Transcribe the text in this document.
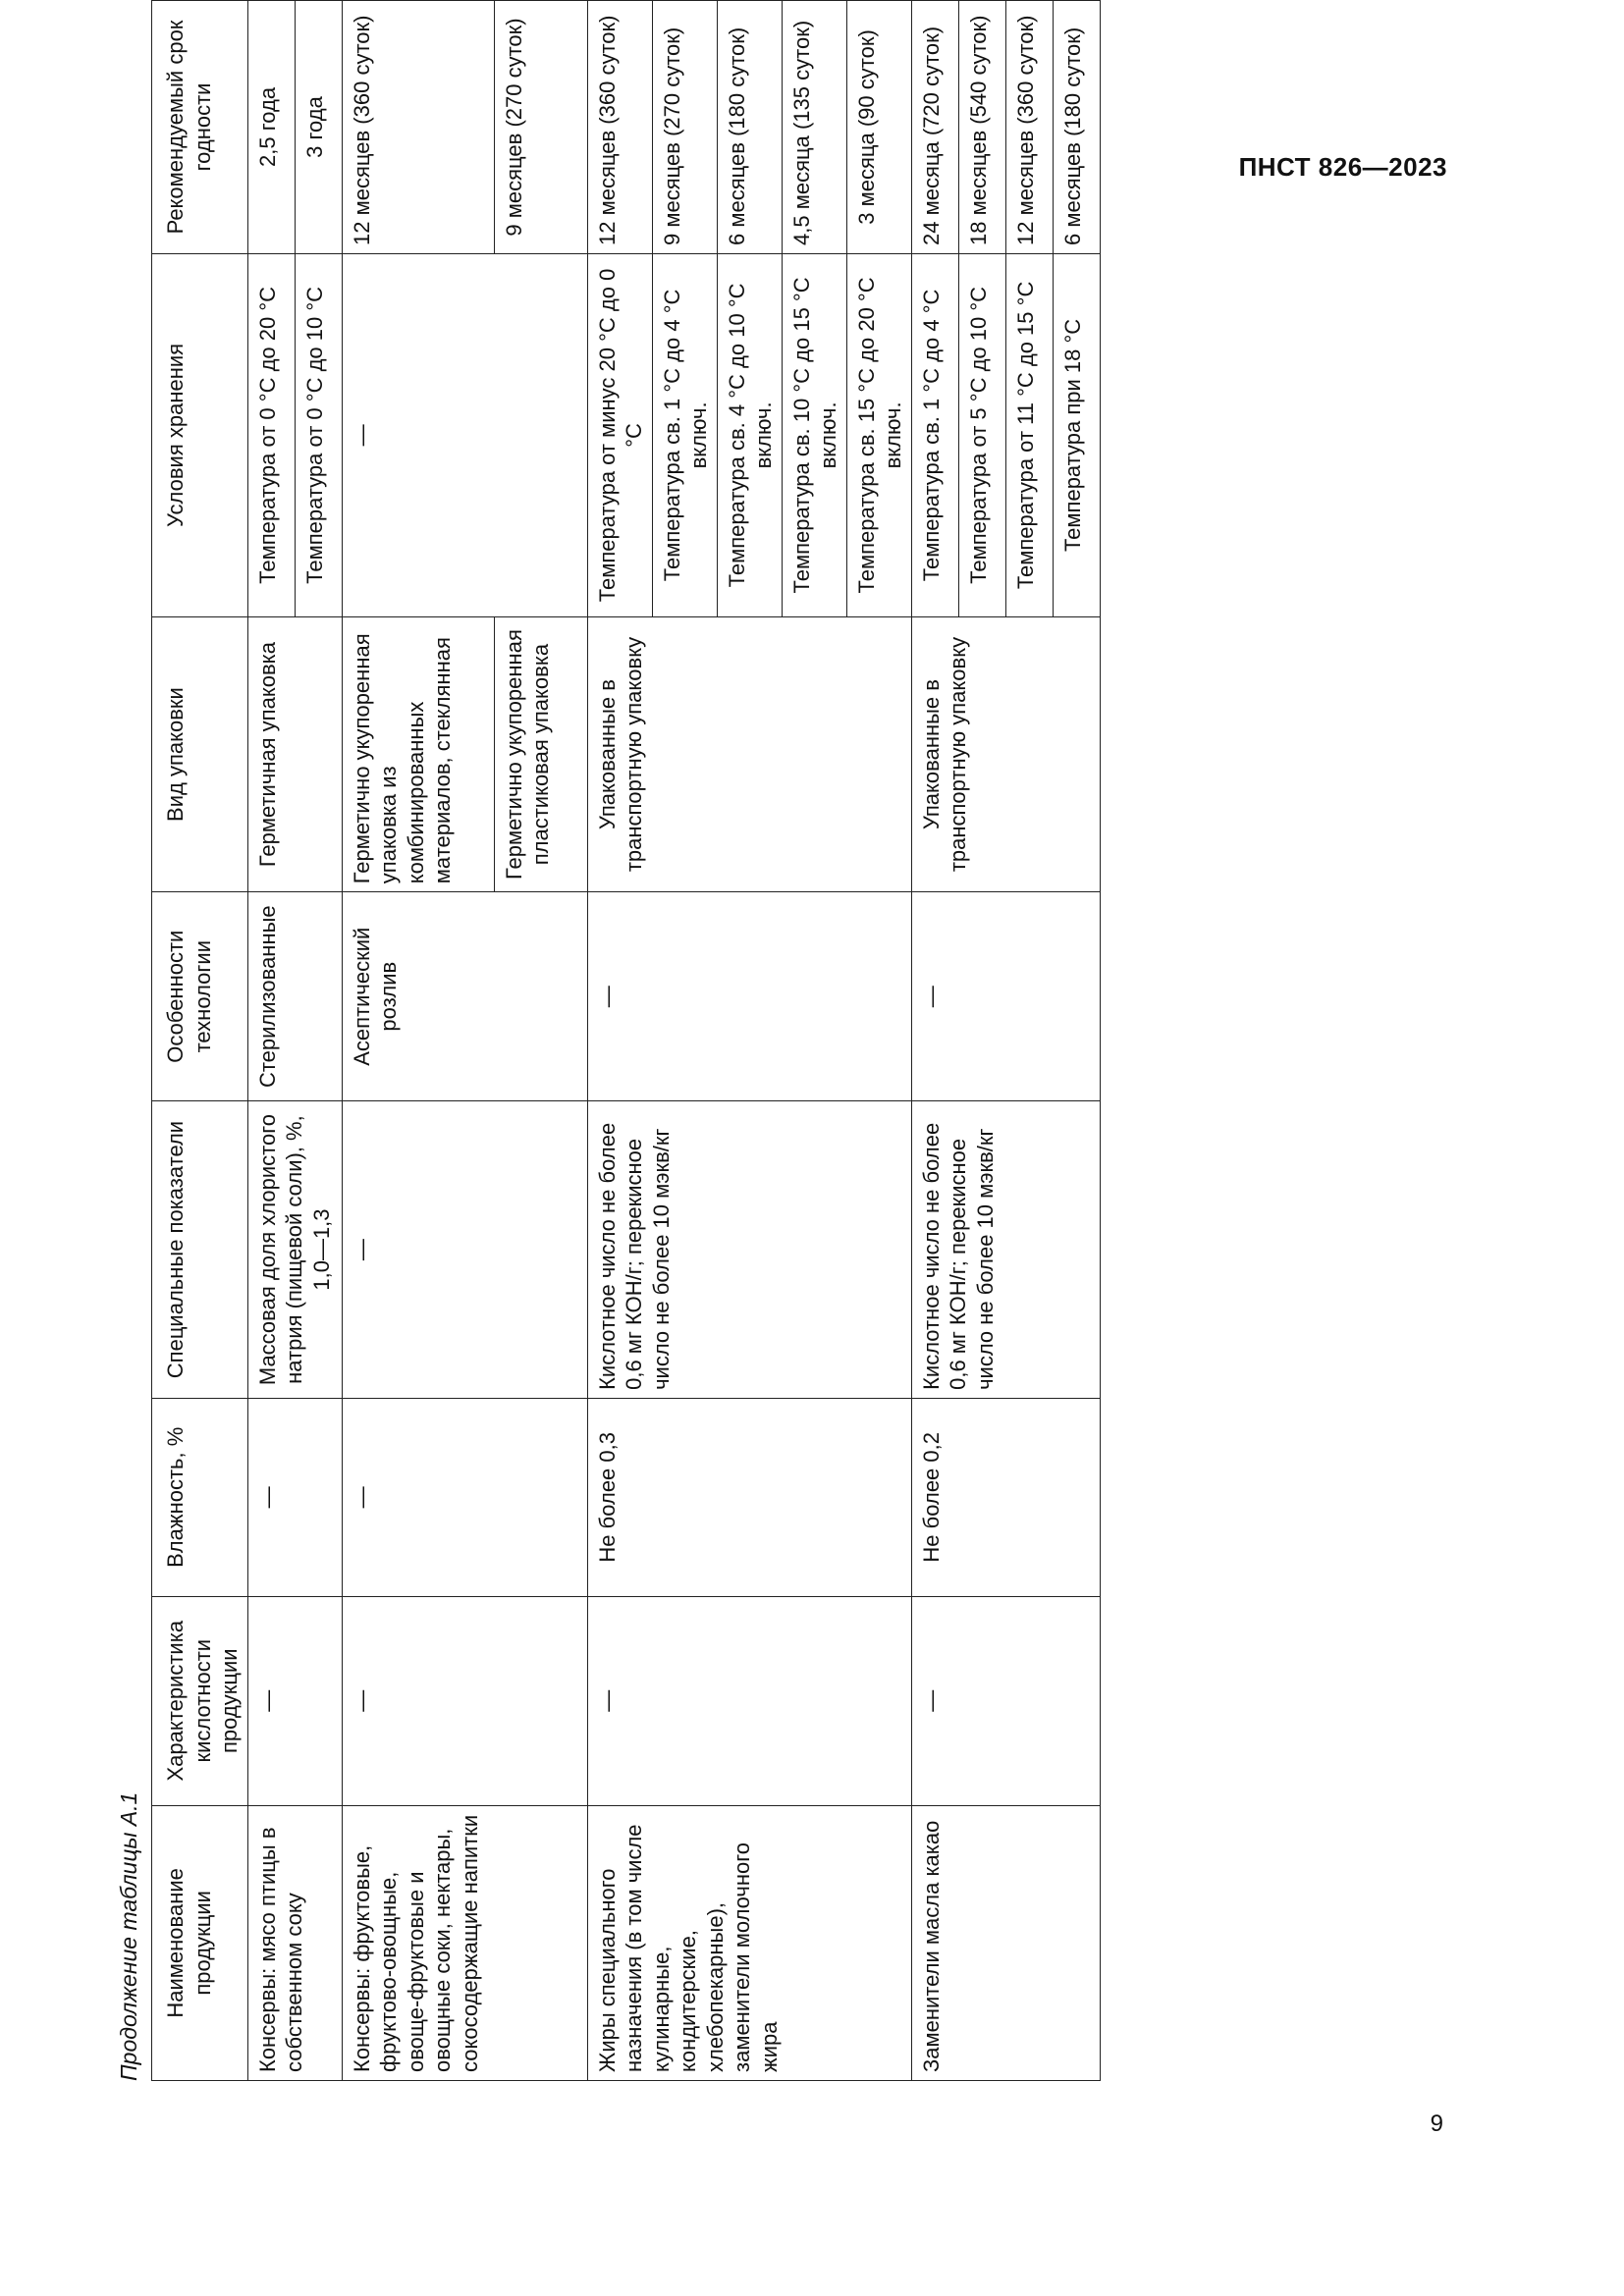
ПНСТ 826—2023
Продолжение таблицы А.1 Наименование продукции	Характеристика кислотности продукции	Влажность, %	Специальные показатели	Особенности технологии	Вид упаковки	Условия хранения	Рекомендуемый срок годности
Консервы: мясо птицы в собственном соку	—	—	Массовая доля хлористого натрия (пищевой соли), %, 1,0—1,3	Стерилизованные	Герметичная упаковка	Температура от 0 °C до 20 °C	2,5 года
						Температура от 0 °C до 10 °C	3 года
Консервы: фруктовые, фруктово-овощные, овоще-фруктовые и овощные соки, нектары, сокосодержащие напитки	—	—	—	Асептический розлив	Герметично укупоренная упаковка из комбинированных материалов, стеклянная	—	12 месяцев (360 суток)
					Герметично укупоренная пластиковая упаковка		9 месяцев (270 суток)
Жиры специального назначения (в том числе кулинарные, кондитерские, хлебопекарные), заменители молочного жира	—	Не более 0,3	Кислотное число не более 0,6 мг КОН/г; перекисное число не более 10 мэкв/кг	—	Упакованные в транспортную упаковку	Температура от минус 20 °C до 0 °C	12 месяцев (360 суток)
						Температура св. 1 °C до 4 °C включ.	9 месяцев (270 суток)
						Температура св. 4 °C до 10 °C включ.	6 месяцев (180 суток)
						Температура св. 10 °C до 15 °C включ.	4,5 месяца (135 суток)
						Температура св. 15 °C до 20 °C включ.	3 месяца (90 суток)
Заменители масла какао	—	Не более 0,2	Кислотное число не более 0,6 мг КОН/г; перекисное число не более 10 мэкв/кг	—	Упакованные в транспортную упаковку	Температура св. 1 °C до 4 °C	24 месяца (720 суток)
						Температура от 5 °C до 10 °C	18 месяцев (540 суток)
						Температура от 11 °C до 15 °C	12 месяцев (360 суток)
						Температура при 18 °C	6 месяцев (180 суток)
9
